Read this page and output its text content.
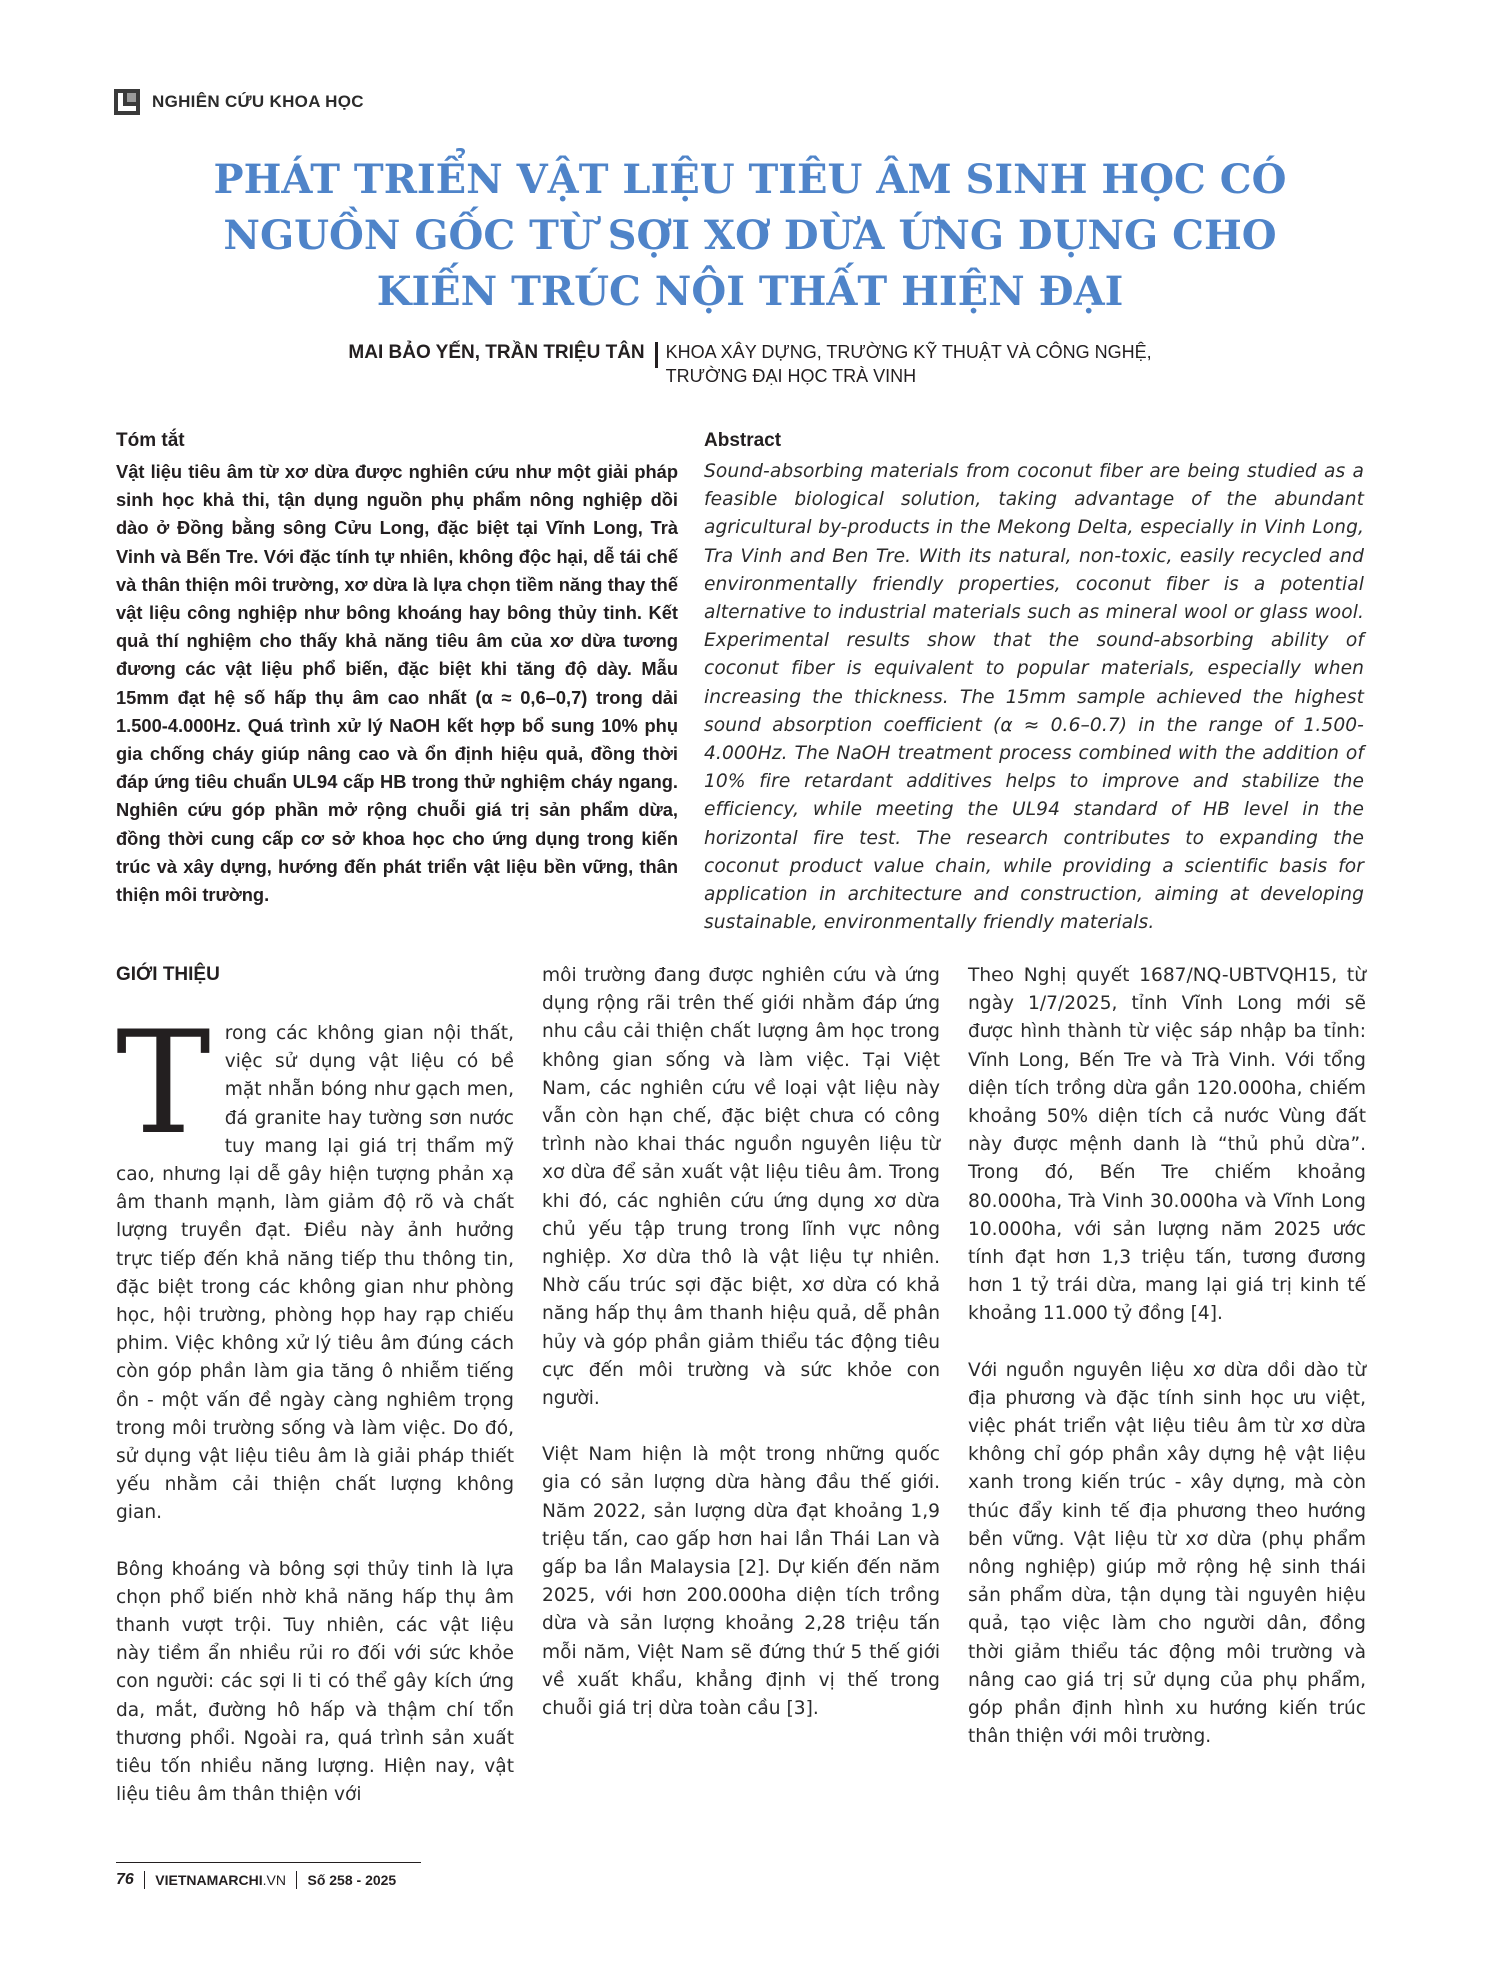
NGHIÊN CỨU KHOA HỌC
PHÁT TRIỂN VẬT LIỆU TIÊU ÂM SINH HỌC CÓ
NGUỒN GỐC TỪ SỢI XƠ DỪA ỨNG DỤNG CHO
KIẾN TRÚC NỘI THẤT HIỆN ĐẠI
MAI BẢO YẾN, TRẦN TRIỆU TÂN KHOA XÂY DỰNG, TRƯỜNG KỸ THUẬT VÀ CÔNG NGHỆ,
TRƯỜNG ĐẠI HỌC TRÀ VINH
Tóm tắt

Vật liệu tiêu âm từ xơ dừa được nghiên cứu như một giải pháp sinh học khả thi, tận dụng nguồn phụ phẩm nông nghiệp dồi dào ở Đồng bằng sông Cửu Long, đặc biệt tại Vĩnh Long, Trà Vinh và Bến Tre. Với đặc tính tự nhiên, không độc hại, dễ tái chế và thân thiện môi trường, xơ dừa là lựa chọn tiềm năng thay thế vật liệu công nghiệp như bông khoáng hay bông thủy tinh. Kết quả thí nghiệm cho thấy khả năng tiêu âm của xơ dừa tương đương các vật liệu phổ biến, đặc biệt khi tăng độ dày. Mẫu 15mm đạt hệ số hấp thụ âm cao nhất (α ≈ 0,6–0,7) trong dải 1.500-4.000Hz. Quá trình xử lý NaOH kết hợp bổ sung 10% phụ gia chống cháy giúp nâng cao và ổn định hiệu quả, đồng thời đáp ứng tiêu chuẩn UL94 cấp HB trong thử nghiệm cháy ngang. Nghiên cứu góp phần mở rộng chuỗi giá trị sản phẩm dừa, đồng thời cung cấp cơ sở khoa học cho ứng dụng trong kiến trúc và xây dựng, hướng đến phát triển vật liệu bền vững, thân thiện môi trường.

Abstract

Sound-absorbing materials from coconut fiber are being studied as a feasible biological solution, taking advantage of the abundant agricultural by-products in the Mekong Delta, especially in Vinh Long, Tra Vinh and Ben Tre. With its natural, non-toxic, easily recycled and environmentally friendly properties, coconut fiber is a potential alternative to industrial materials such as mineral wool or glass wool. Experimental results show that the sound-absorbing ability of coconut fiber is equivalent to popular materials, especially when increasing the thickness. The 15mm sample achieved the highest sound absorption coefficient (α ≈ 0.6–0.7) in the range of 1.500-4.000Hz. The NaOH treatment process combined with the addition of 10% fire retardant additives helps to improve and stabilize the efficiency, while meeting the UL94 standard of HB level in the horizontal fire test. The research contributes to expanding the coconut product value chain, while providing a scientific basis for application in architecture and construction, aiming at developing sustainable, environmentally friendly materials.

GIỚI THIỆU

Trong các không gian nội thất, việc sử dụng vật liệu có bề mặt nhẵn bóng như gạch men, đá granite hay tường sơn nước tuy mang lại giá trị thẩm mỹ cao, nhưng lại dễ gây hiện tượng phản xạ âm thanh mạnh, làm giảm độ rõ và chất lượng truyền đạt. Điều này ảnh hưởng trực tiếp đến khả năng tiếp thu thông tin, đặc biệt trong các không gian như phòng học, hội trường, phòng họp hay rạp chiếu phim. Việc không xử lý tiêu âm đúng cách còn góp phần làm gia tăng ô nhiễm tiếng ồn - một vấn đề ngày càng nghiêm trọng trong môi trường sống và làm việc. Do đó, sử dụng vật liệu tiêu âm là giải pháp thiết yếu nhằm cải thiện chất lượng không gian.

Bông khoáng và bông sợi thủy tinh là lựa chọn phổ biến nhờ khả năng hấp thụ âm thanh vượt trội. Tuy nhiên, các vật liệu này tiềm ẩn nhiều rủi ro đối với sức khỏe con người: các sợi li ti có thể gây kích ứng da, mắt, đường hô hấp và thậm chí tổn thương phổi. Ngoài ra, quá trình sản xuất tiêu tốn nhiều năng lượng. Hiện nay, vật liệu tiêu âm thân thiện với

môi trường đang được nghiên cứu và ứng dụng rộng rãi trên thế giới nhằm đáp ứng nhu cầu cải thiện chất lượng âm học trong không gian sống và làm việc. Tại Việt Nam, các nghiên cứu về loại vật liệu này vẫn còn hạn chế, đặc biệt chưa có công trình nào khai thác nguồn nguyên liệu từ xơ dừa để sản xuất vật liệu tiêu âm. Trong khi đó, các nghiên cứu ứng dụng xơ dừa chủ yếu tập trung trong lĩnh vực nông nghiệp. Xơ dừa thô là vật liệu tự nhiên. Nhờ cấu trúc sợi đặc biệt, xơ dừa có khả năng hấp thụ âm thanh hiệu quả, dễ phân hủy và góp phần giảm thiểu tác động tiêu cực đến môi trường và sức khỏe con người.

Việt Nam hiện là một trong những quốc gia có sản lượng dừa hàng đầu thế giới. Năm 2022, sản lượng dừa đạt khoảng 1,9 triệu tấn, cao gấp hơn hai lần Thái Lan và gấp ba lần Malaysia [2]. Dự kiến đến năm 2025, với hơn 200.000ha diện tích trồng dừa và sản lượng khoảng 2,28 triệu tấn mỗi năm, Việt Nam sẽ đứng thứ 5 thế giới về xuất khẩu, khẳng định vị thế trong chuỗi giá trị dừa toàn cầu [3].

Theo Nghị quyết 1687/NQ-UBTVQH15, từ ngày 1/7/2025, tỉnh Vĩnh Long mới sẽ được hình thành từ việc sáp nhập ba tỉnh: Vĩnh Long, Bến Tre và Trà Vinh. Với tổng diện tích trồng dừa gần 120.000ha, chiếm khoảng 50% diện tích cả nước Vùng đất này được mệnh danh là “thủ phủ dừa”. Trong đó, Bến Tre chiếm khoảng 80.000ha, Trà Vinh 30.000ha và Vĩnh Long 10.000ha, với sản lượng năm 2025 ước tính đạt hơn 1,3 triệu tấn, tương đương hơn 1 tỷ trái dừa, mang lại giá trị kinh tế khoảng 11.000 tỷ đồng [4].

Với nguồn nguyên liệu xơ dừa dồi dào từ địa phương và đặc tính sinh học ưu việt, việc phát triển vật liệu tiêu âm từ xơ dừa không chỉ góp phần xây dựng hệ vật liệu xanh trong kiến trúc - xây dựng, mà còn thúc đẩy kinh tế địa phương theo hướng bền vững. Vật liệu từ xơ dừa (phụ phẩm nông nghiệp) giúp mở rộng hệ sinh thái sản phẩm dừa, tận dụng tài nguyên hiệu quả, tạo việc làm cho người dân, đồng thời giảm thiểu tác động môi trường và nâng cao giá trị sử dụng của phụ phẩm, góp phần định hình xu hướng kiến trúc thân thiện với môi trường.

76 VIETNAMARCHI .VN Số 258 - 2025
